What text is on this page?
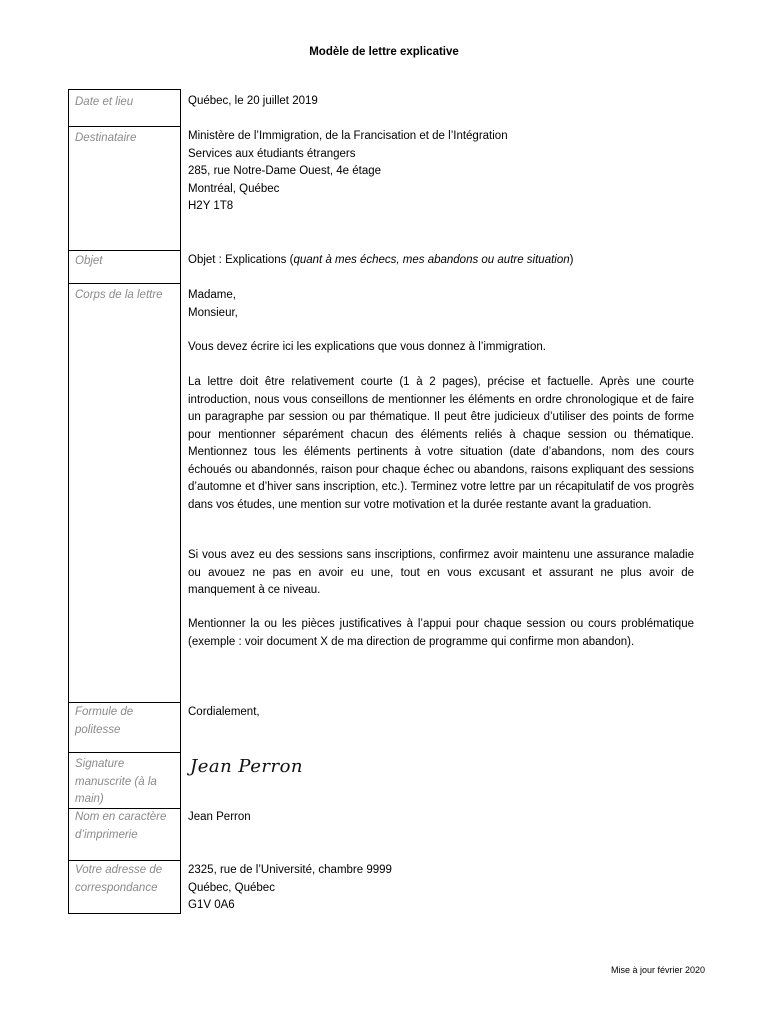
Modèle de lettre explicative
Date et lieu
Destinataire
Objet
Corps de la lettre
Formule de politesse
Signature manuscrite (à la main)
Nom en caractère d’imprimerie
Votre adresse de correspondance
Québec, le 20 juillet 2019
Ministère de l’Immigration, de la Francisation et de l’Intégration
Services aux étudiants étrangers
285, rue Notre-Dame Ouest, 4e étage
Montréal, Québec
H2Y 1T8
Objet : Explications (quant à mes échecs, mes abandons ou autre situation)
Madame,
Monsieur,

Vous devez écrire ici les explications que vous donnez à l’immigration.

La lettre doit être relativement courte (1 à 2 pages), précise et factuelle. Après une courte introduction, nous vous conseillons de mentionner les éléments en ordre chronologique et de faire un paragraphe par session ou par thématique. Il peut être judicieux d’utiliser des points de forme pour mentionner séparément chacun des éléments reliés à chaque session ou thématique. Mentionnez tous les éléments pertinents à votre situation (date d’abandons, nom des cours échoués ou abandonnés, raison pour chaque échec ou abandons, raisons expliquant des sessions d’automne et d’hiver sans inscription, etc.). Terminez votre lettre par un récapitulatif de vos progrès dans vos études, une mention sur votre motivation et la durée restante avant la graduation.

Si vous avez eu des sessions sans inscriptions, confirmez avoir maintenu une assurance maladie ou avouez ne pas en avoir eu une, tout en vous excusant et assurant ne plus avoir de manquement à ce niveau.

Mentionner la ou les pièces justificatives à l’appui pour chaque session ou cours problématique (exemple : voir document X de ma direction de programme qui confirme mon abandon).

Cordialement,
Jean Perron
Jean Perron
2325, rue de l’Université, chambre 9999
Québec, Québec
G1V 0A6
Mise à jour février 2020
